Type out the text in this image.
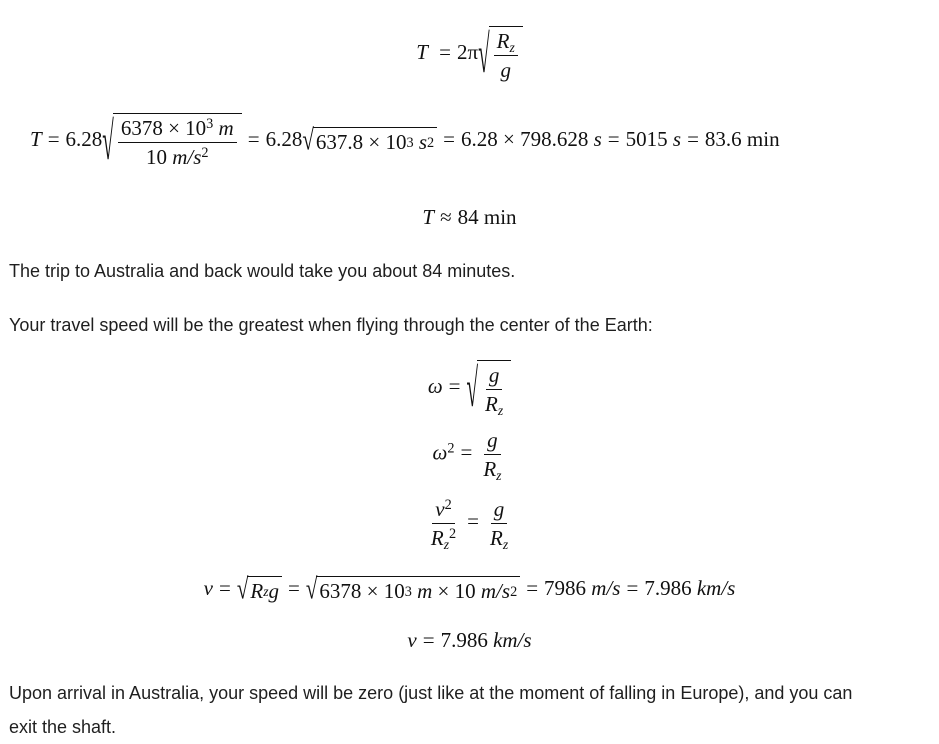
T = 2π √ $\frac{R_z}{g}$
T = 6.28 √ $\frac{6378 \times 10^3 m}{10 m/s^2} = 6.28$ √ 637.8
×
10 3
s 2 = 6.28 × 798.628 s = 5015 s = 83.6 min
T ≈ 84 min
The trip to Australia and back would take you about 84 minutes.
Your travel speed will be the greatest when flying through the center of the Earth:
ω = √ $\frac{g}{R_z}$
$\omega^2 = \frac{g}{R_z}$
$\frac{v^2}{R_z^2} = \frac{g}{R_z}$
v = √ R z g = √ 6378
×
10 3
m
×
10
m/s 2 = 7986 m/s = 7.986 km/s
v = 7.986 km/s
Upon arrival in Australia, your speed will be zero (just like at the moment of falling in Europe), and you can
exit the shaft.
